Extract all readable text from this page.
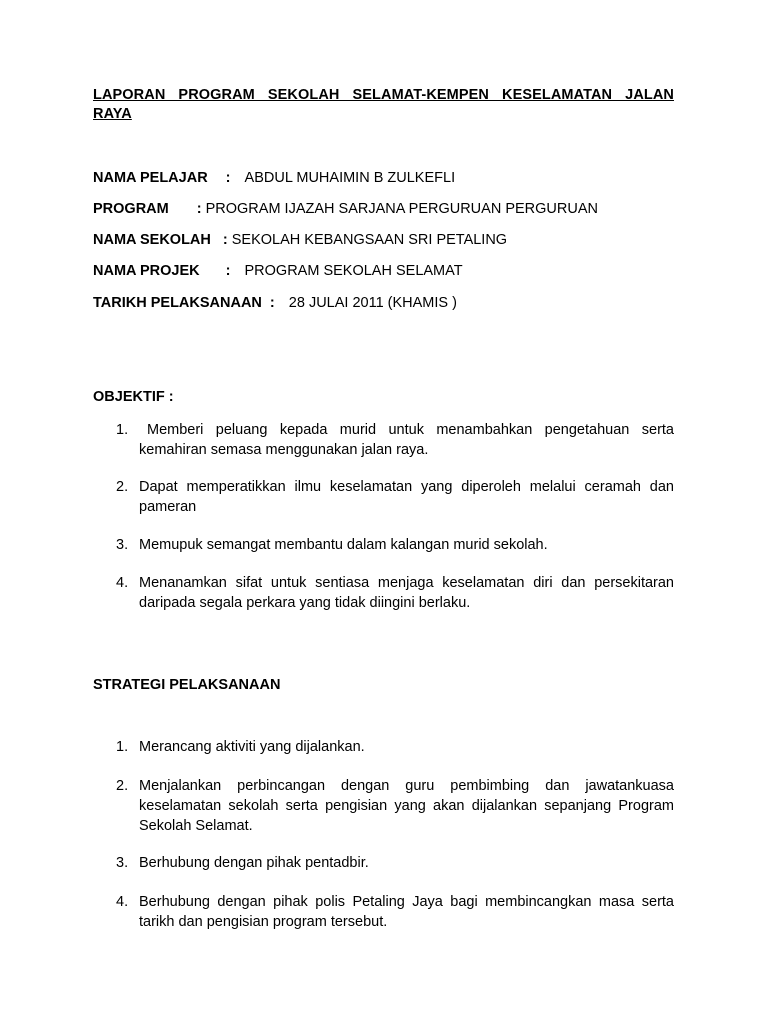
LAPORAN PROGRAM SEKOLAH SELAMAT-KEMPEN KESELAMATAN JALAN
RAYA
NAMA PELAJAR : ABDUL MUHAIMIN B ZULKEFLI
PROGRAM : PROGRAM IJAZAH SARJANA PERGURUAN PERGURUAN
NAMA SEKOLAH : SEKOLAH KEBANGSAAN SRI PETALING
NAMA PROJEK : PROGRAM SEKOLAH SELAMAT
TARIKH PELAKSANAAN : 28 JULAI 2011 (KHAMIS )
OBJEKTIF :
1.	Memberi peluang kepada murid untuk menambahkan pengetahuan serta kemahiran semasa menggunakan jalan raya.
2. Dapat memperatikkan ilmu keselamatan yang diperoleh melalui ceramah dan pameran
3. Memupuk semangat membantu dalam kalangan murid sekolah.
4. Menanamkan sifat untuk sentiasa menjaga keselamatan diri dan persekitaran daripada segala perkara yang tidak diingini berlaku.
STRATEGI PELAKSANAAN
1. Merancang aktiviti yang dijalankan.
2. Menjalankan perbincangan dengan guru pembimbing dan jawatankuasa keselamatan sekolah serta pengisian yang akan dijalankan sepanjang Program Sekolah Selamat.
3. Berhubung dengan pihak pentadbir.
4. Berhubung dengan pihak polis Petaling Jaya bagi membincangkan masa serta tarikh dan pengisian program tersebut.
